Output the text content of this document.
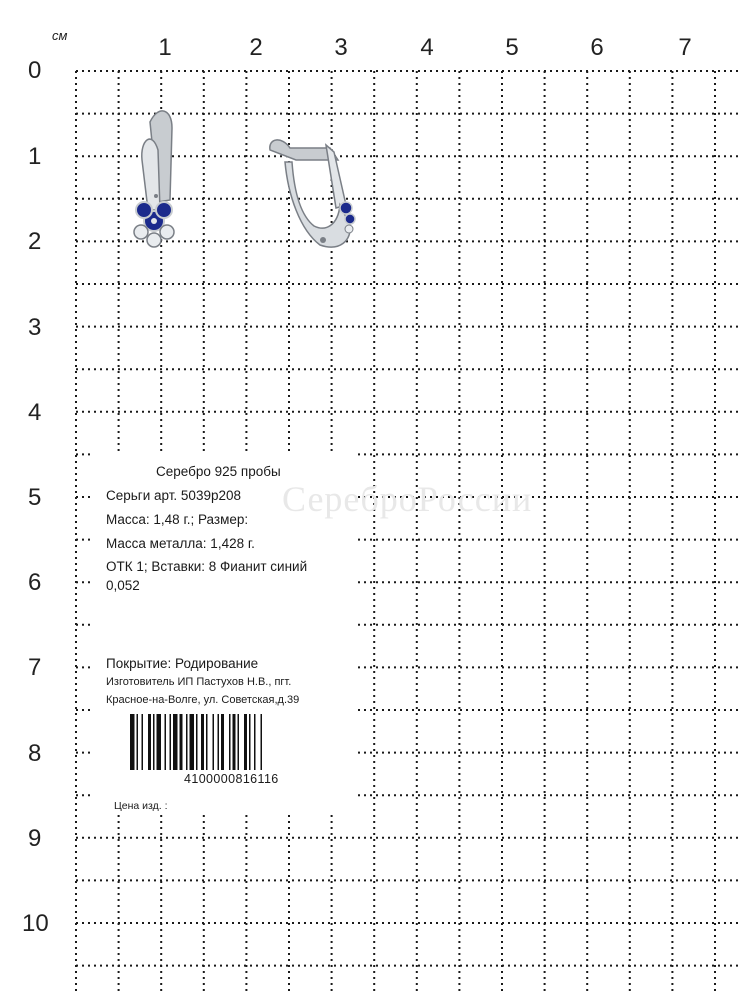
см	1	2	3	4	5	6	7
0
1
2
3
4
5
6
7
8
9
10
Серебро 925 пробы
Серьги арт. 5039р208
Масса: 1,48 г.; Размер:
Масса металла: 1,428 г.
ОТК 1; Вставки: 8 Фианит синий
0,052
Покрытие: Родирование
Изготовитель ИП Пастухов Н.В., пгт.
Красное-на-Волге, ул. Советская,д.39
4100000816116
Цена изд. :
СереброРоссии
